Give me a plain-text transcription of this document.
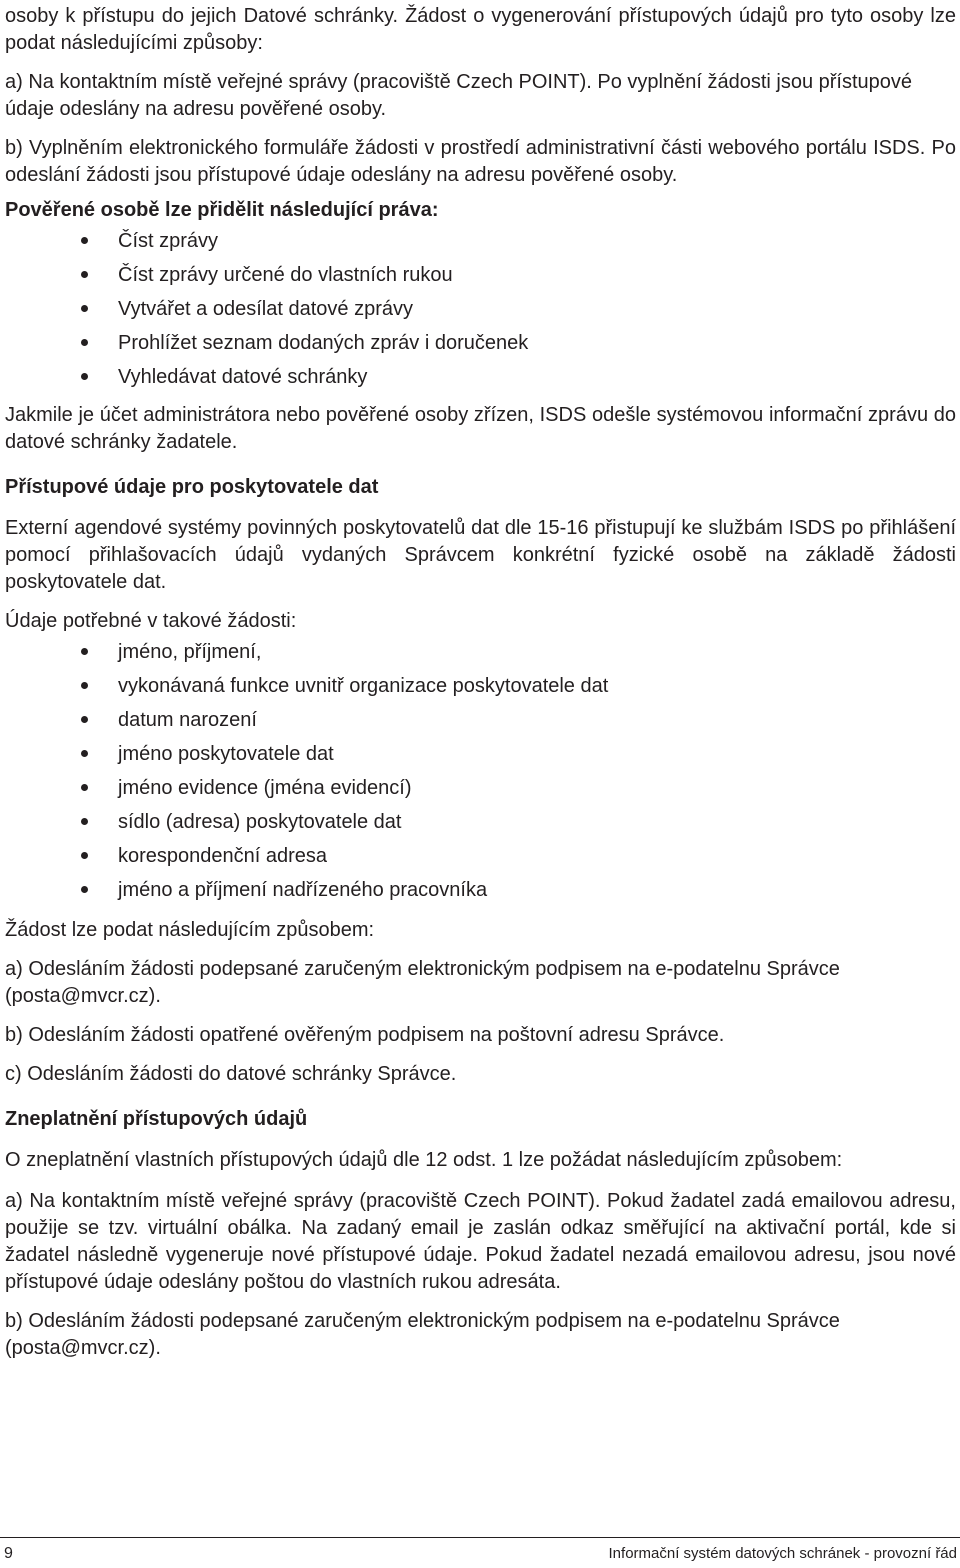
osoby k přístupu do jejich Datové schránky. Žádost o vygenerování přístupových údajů pro tyto osoby lze podat následujícími způsoby:

a) Na kontaktním místě veřejné správy (pracoviště Czech POINT). Po vyplnění žádosti jsou přístupové údaje odeslány na adresu pověřené osoby.

b) Vyplněním elektronického formuláře žádosti v prostředí administrativní části webového portálu ISDS. Po odeslání žádosti jsou přístupové údaje odeslány na adresu pověřené osoby.

Pověřené osobě lze přidělit následující práva:

Číst zprávy
Číst zprávy určené do vlastních rukou
Vytvářet a odesílat datové zprávy
Prohlížet seznam dodaných zpráv i doručenek
Vyhledávat datové schránky

Jakmile je účet administrátora nebo pověřené osoby zřízen, ISDS odešle systémovou informační zprávu do datové schránky žadatele.

Přístupové údaje pro poskytovatele dat

Externí agendové systémy povinných poskytovatelů dat dle 15-16 přistupují ke službám ISDS po přihlášení pomocí přihlašovacích údajů vydaných Správcem konkrétní fyzické osobě na základě žádosti poskytovatele dat.

Údaje potřebné v takové žádosti:

jméno, příjmení,
vykonávaná funkce uvnitř organizace poskytovatele dat
datum narození
jméno poskytovatele dat
jméno evidence (jména evidencí)
sídlo (adresa) poskytovatele dat
korespondenční adresa
jméno a příjmení nadřízeného pracovníka

Žádost lze podat následujícím způsobem:

a) Odesláním žádosti podepsané zaručeným elektronickým podpisem na e-podatelnu Správce (posta@mvcr.cz).

b) Odesláním žádosti opatřené ověřeným podpisem na poštovní adresu Správce.

c) Odesláním žádosti do datové schránky Správce.

Zneplatnění přístupových údajů

O zneplatnění vlastních přístupových údajů dle 12 odst. 1 lze požádat následujícím způsobem:

a) Na kontaktním místě veřejné správy (pracoviště Czech POINT). Pokud žadatel zadá emailovou adresu, použije se tzv. virtuální obálka. Na zadaný email je zaslán odkaz směřující na aktivační portál, kde si žadatel následně vygeneruje nové přístupové údaje. Pokud žadatel nezadá emailovou adresu, jsou nové přístupové údaje odeslány poštou do vlastních rukou adresáta.

b) Odesláním žádosti podepsané zaručeným elektronickým podpisem na e-podatelnu Správce (posta@mvcr.cz).

9	Informační systém datových schránek - provozní řád
